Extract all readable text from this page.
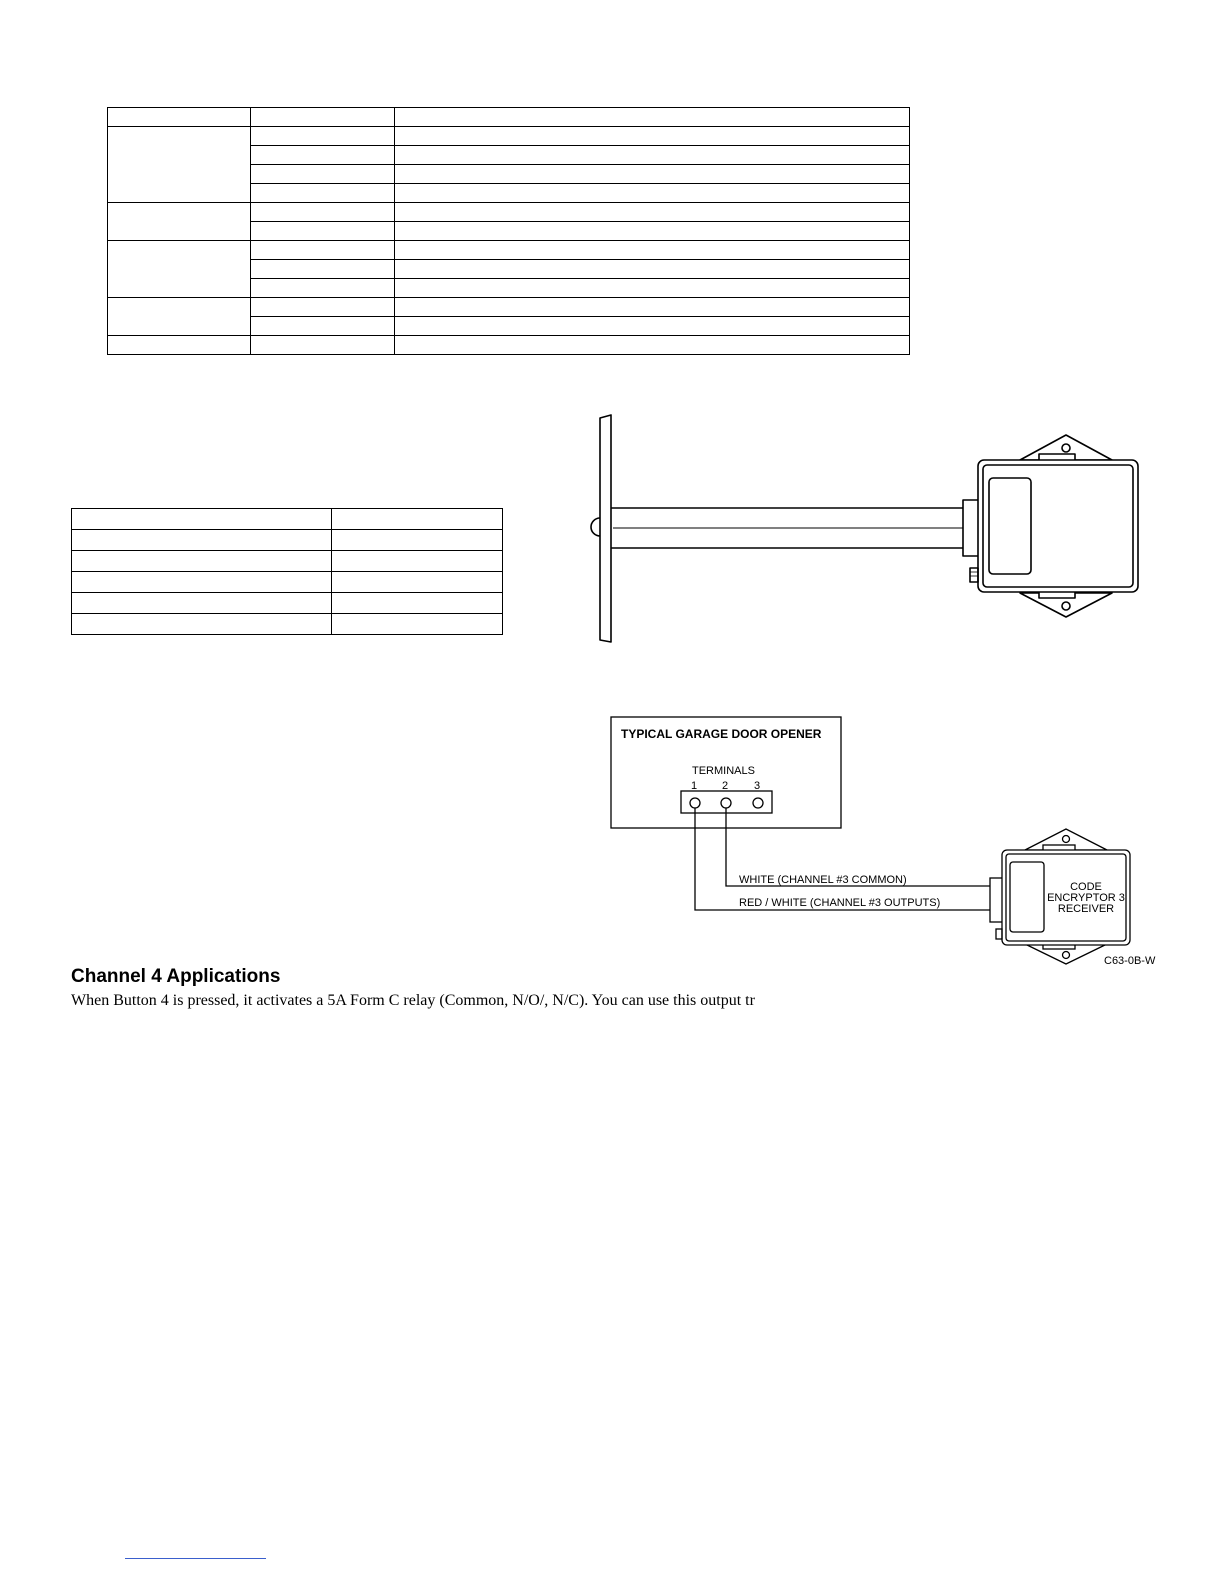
TYPICAL GARAGE DOOR OPENER
TERMINALS
1 2 3
WHITE (CHANNEL #3 COMMON)
RED / WHITE (CHANNEL #3 OUTPUTS)
CODE
ENCRYPTOR 3
RECEIVER
C63-0B-W
Channel 4 Applications

When Button 4 is pressed, it activates a 5A Form C relay (Common, N/O/, N/C). You can use this output tr
